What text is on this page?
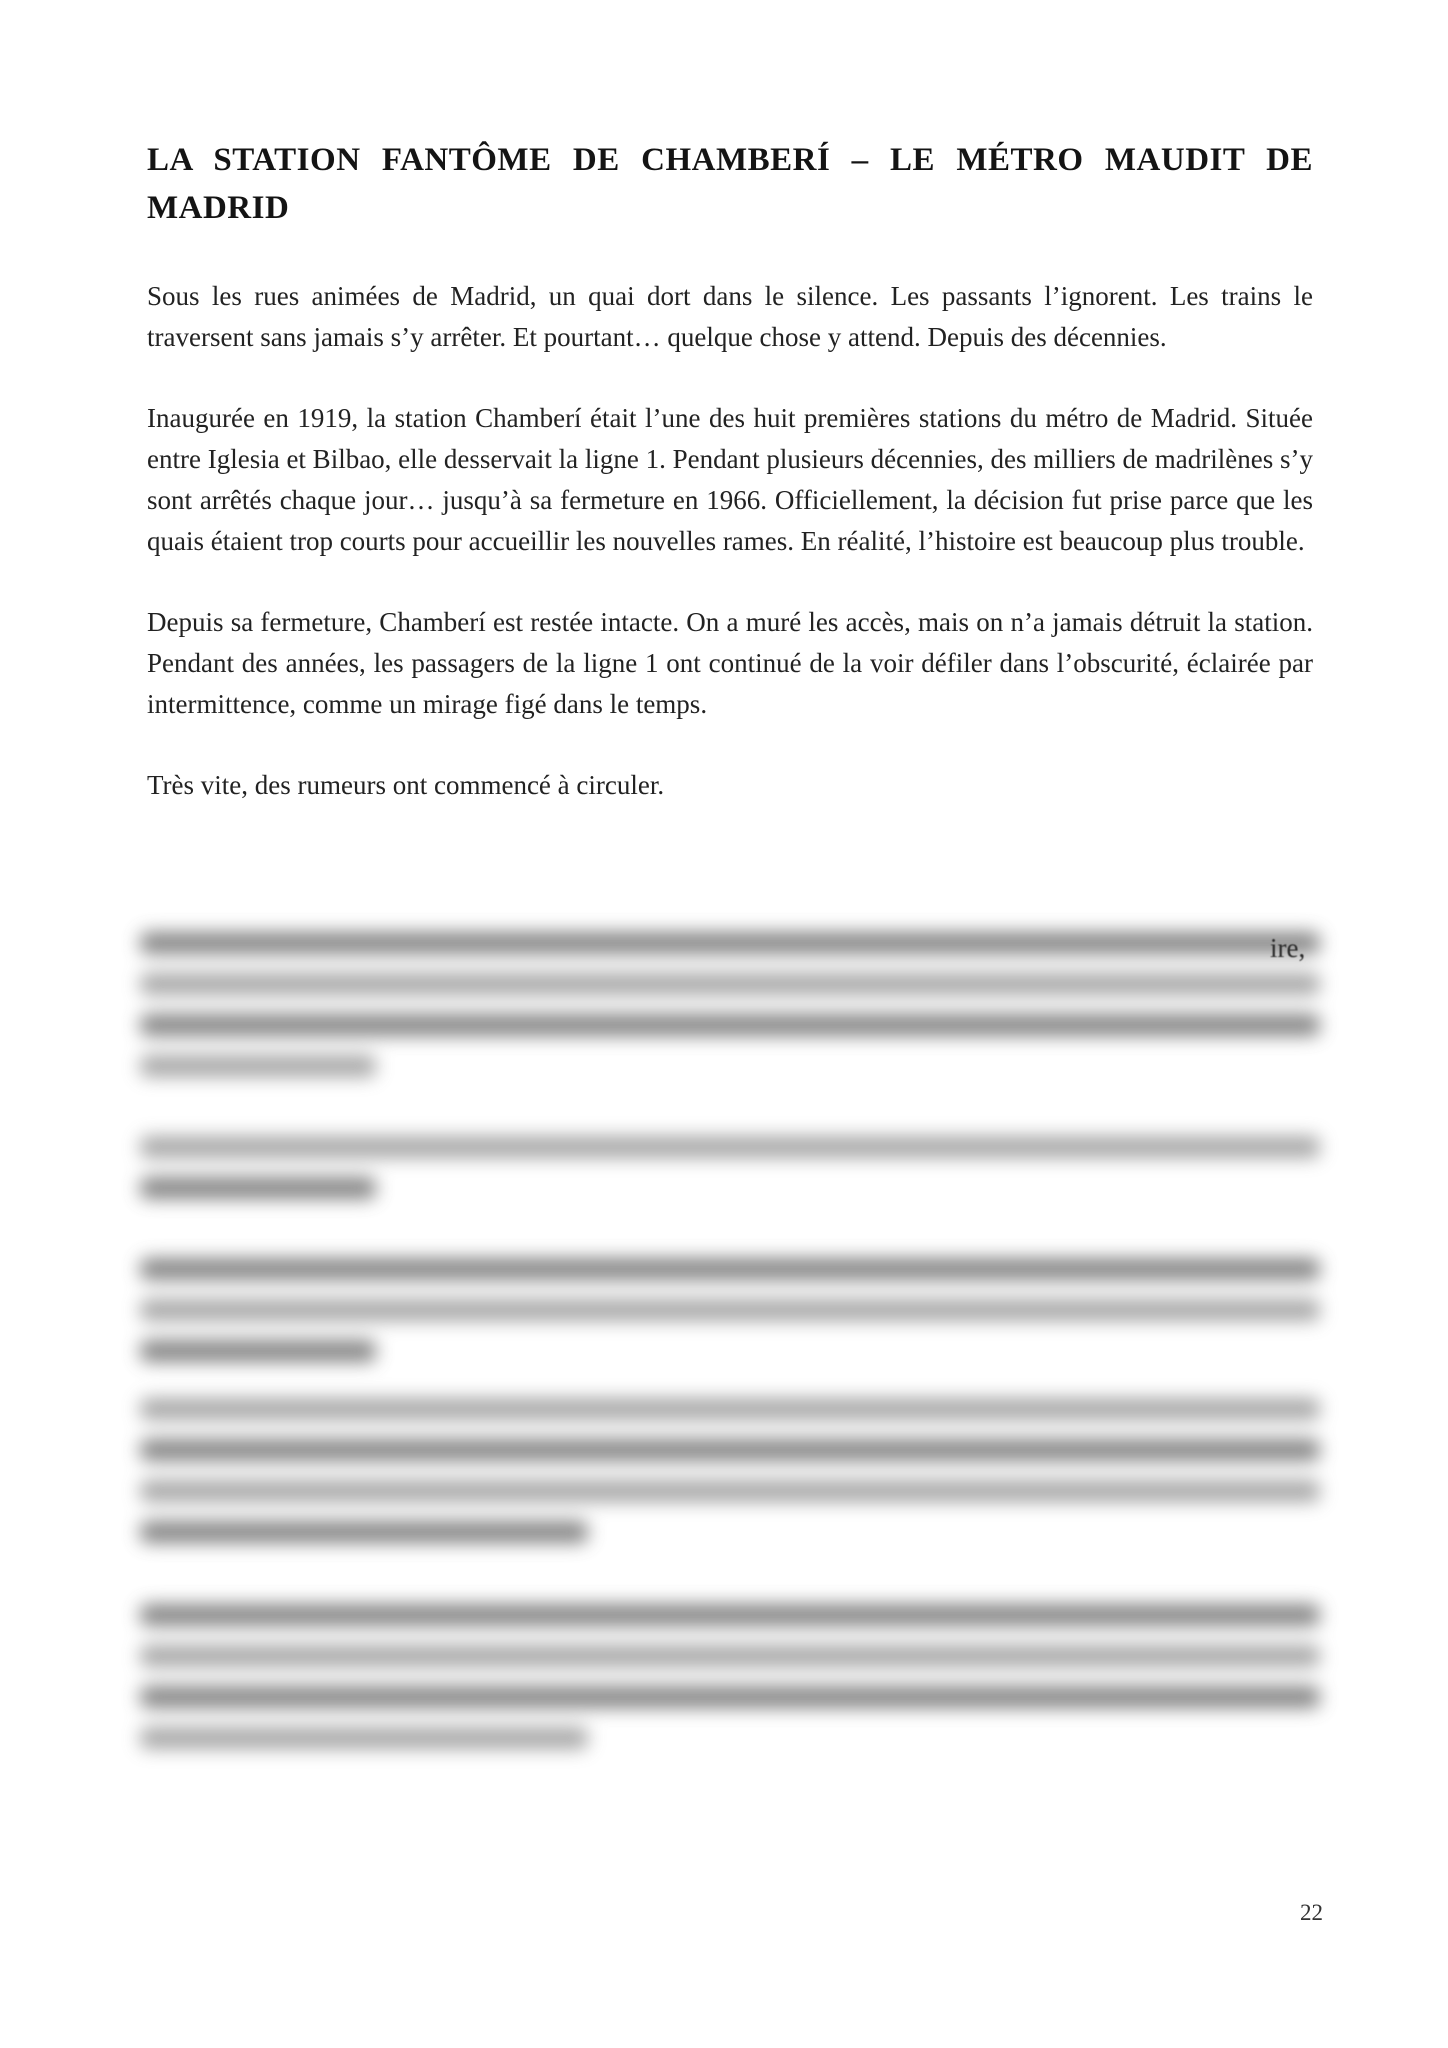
LA STATION FANTÔME DE CHAMBERÍ – LE MÉTRO MAUDIT DE MADRID

Sous les rues animées de Madrid, un quai dort dans le silence. Les passants l’ignorent. Les trains le traversent sans jamais s’y arrêter. Et pourtant… quelque chose y attend. Depuis des décennies.

Inaugurée en 1919, la station Chamberí était l’une des huit premières stations du métro de Madrid. Située entre Iglesia et Bilbao, elle desservait la ligne 1. Pendant plusieurs décennies, des milliers de madrilènes s’y sont arrêtés chaque jour… jusqu’à sa fermeture en 1966. Officiellement, la décision fut prise parce que les quais étaient trop courts pour accueillir les nouvelles rames. En réalité, l’histoire est beaucoup plus trouble.

Depuis sa fermeture, Chamberí est restée intacte. On a muré les accès, mais on n’a jamais détruit la station. Pendant des années, les passagers de la ligne 1 ont continué de la voir défiler dans l’obscurité, éclairée par intermittence, comme un mirage figé dans le temps.

Très vite, des rumeurs ont commencé à circuler.

ire,
22
